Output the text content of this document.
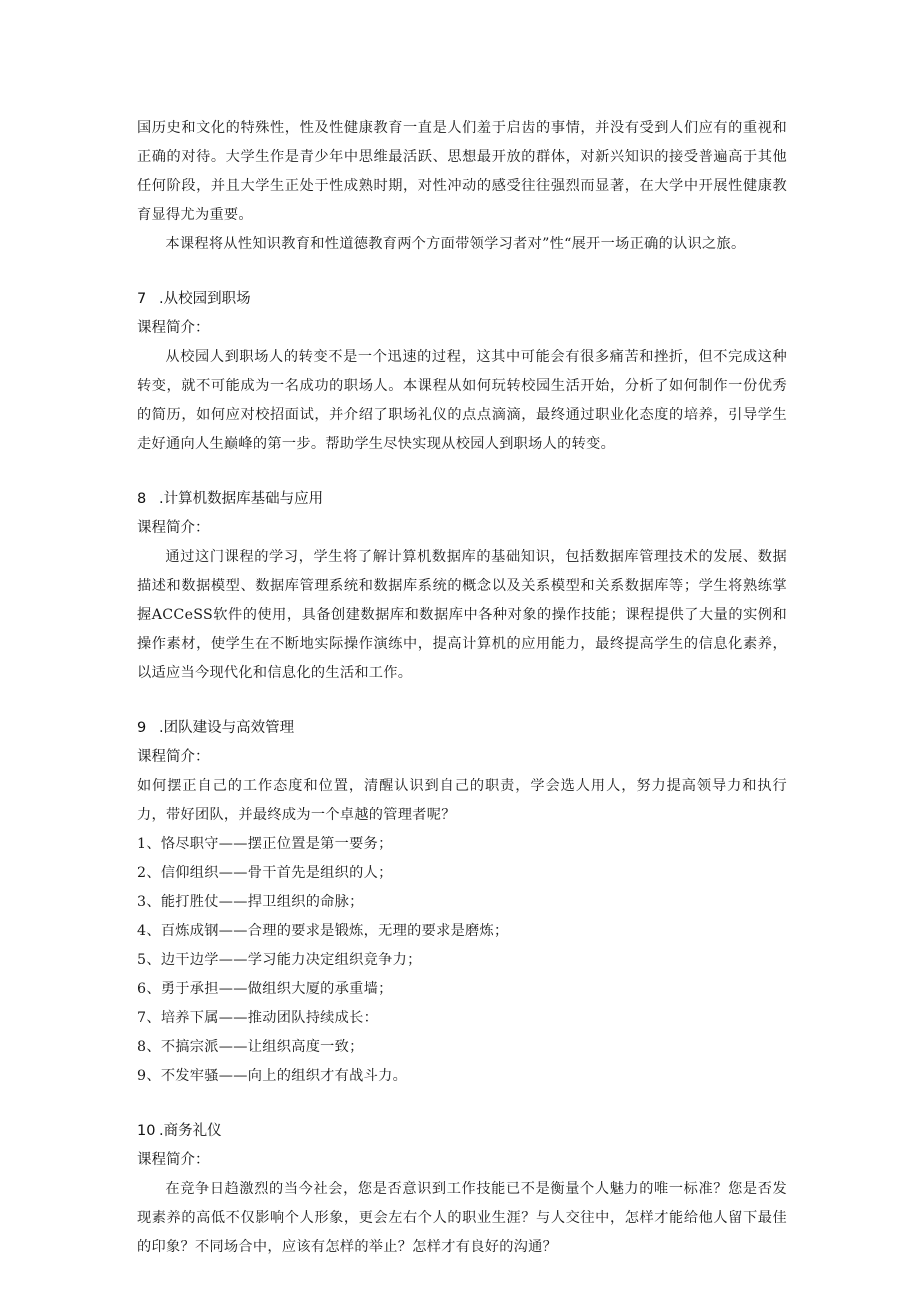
国历史和文化的特殊性，性及性健康教育一直是人们羞于启齿的事情，并没有受到人们应有的重视和正确的对待。大学生作是青少年中思维最活跃、思想最开放的群体，对新兴知识的接受普遍高于其他任何阶段，并且大学生正处于性成熟时期，对性冲动的感受往往强烈而显著，在大学中开展性健康教育显得尤为重要。

本课程将从性知识教育和性道德教育两个方面带领学习者对”性“展开一场正确的认识之旅。

7 .从校园到职场
课程简介：

从校园人到职场人的转变不是一个迅速的过程，这其中可能会有很多痛苦和挫折，但不完成这种转变，就不可能成为一名成功的职场人。本课程从如何玩转校园生活开始，分析了如何制作一份优秀的简历，如何应对校招面试，并介绍了职场礼仪的点点滴滴，最终通过职业化态度的培养，引导学生走好通向人生巅峰的第一步。帮助学生尽快实现从校园人到职场人的转变。

8 .计算机数据库基础与应用
课程简介：

通过这门课程的学习，学生将了解计算机数据库的基础知识，包括数据库管理技术的发展、数据描述和数据模型、数据库管理系统和数据库系统的概念以及关系模型和关系数据库等；学生将熟练掌握ACCeSS软件的使用，具备创建数据库和数据库中各种对象的操作技能；课程提供了大量的实例和操作素材，使学生在不断地实际操作演练中，提高计算机的应用能力，最终提高学生的信息化素养，以适应当今现代化和信息化的生活和工作。

9 .团队建设与高效管理
课程简介：

如何摆正自己的工作态度和位置，清醒认识到自己的职责，学会选人用人，努力提高领导力和执行力，带好团队，并最终成为一个卓越的管理者呢？

1、恪尽职守——摆正位置是第一要务；

2、信仰组织——骨干首先是组织的人；

3、能打胜仗——捍卫组织的命脉；

4、百炼成钢——合理的要求是锻炼，无理的要求是磨炼；

5、边干边学——学习能力决定组织竞争力；

6、勇于承担——做组织大厦的承重墙；

7、培养下属——推动团队持续成长：

8、不搞宗派——让组织高度一致；

9、不发牢骚——向上的组织才有战斗力。

10 .商务礼仪
课程简介：

在竞争日趋激烈的当今社会，您是否意识到工作技能已不是衡量个人魅力的唯一标准？您是否发现素养的高低不仅影响个人形象，更会左右个人的职业生涯？与人交往中，怎样才能给他人留下最佳的印象？不同场合中，应该有怎样的举止？怎样才有良好的沟通？
